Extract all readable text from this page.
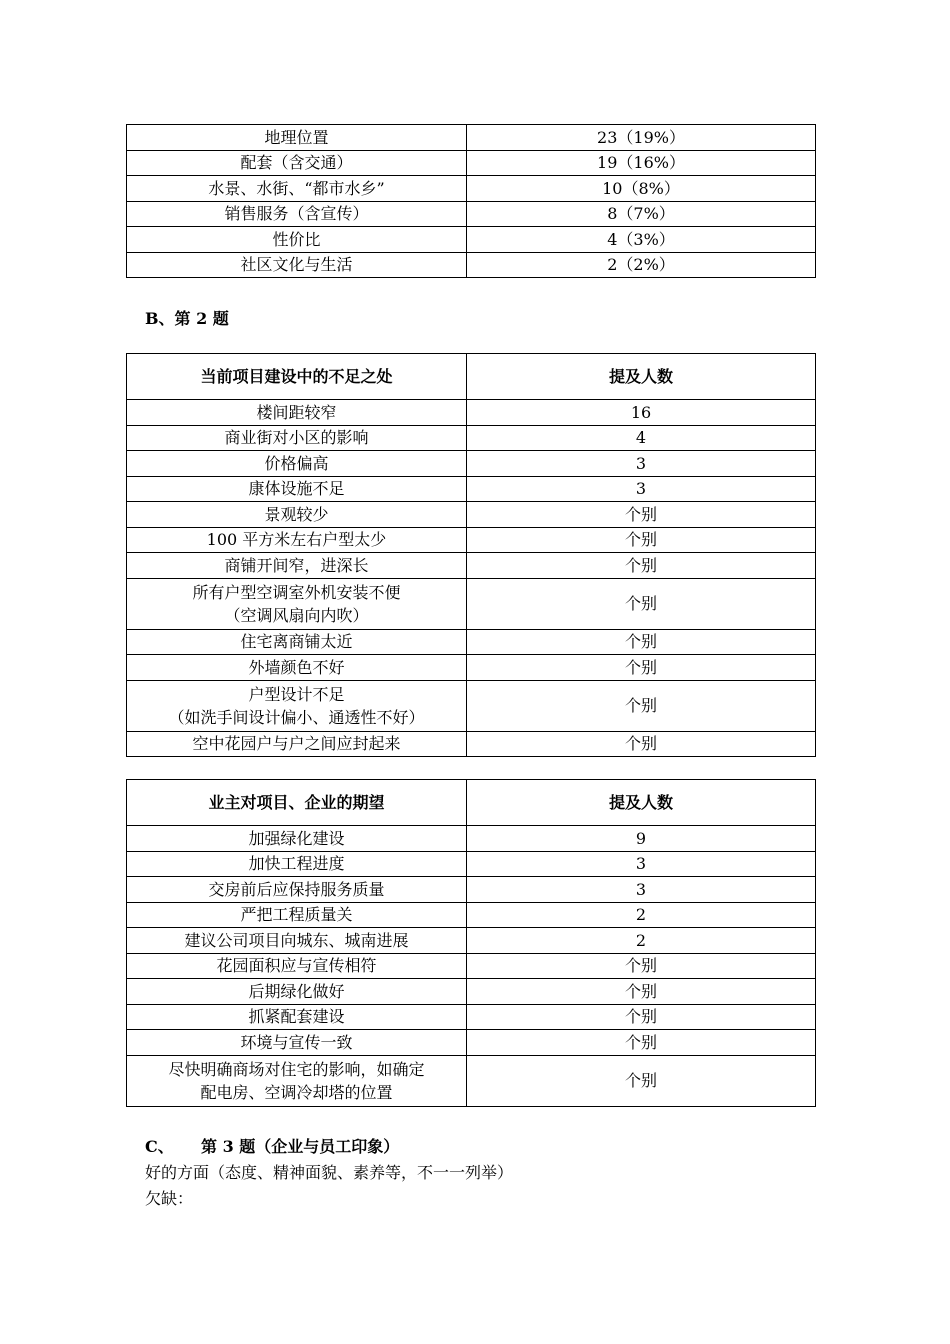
地理位置	23（19%）
配套（含交通）	19（16%）
水景、水街、“都市水乡”	10（8%）
销售服务（含宣传）	8（7%）
性价比	4（3%）
社区文化与生活	2（2%）
B、第 2 题
当前项目建设中的不足之处	提及人数
楼间距较窄	16
商业街对小区的影响	4
价格偏高	3
康体设施不足	3
景观较少	个别
100 平方米左右户型太少	个别
商铺开间窄，进深长	个别

所有户型空调室外机安装不便
（空调风扇向内吹）	个别
住宅离商铺太近	个别
外墙颜色不好	个别

户型设计不足
（如洗手间设计偏小、通透性不好）	个别
空中花园户与户之间应封起来	个别
业主对项目、企业的期望	提及人数
加强绿化建设	9
加快工程进度	3
交房前后应保持服务质量	3
严把工程质量关	2
建议公司项目向城东、城南进展	2
花园面积应与宣传相符	个别
后期绿化做好	个别
抓紧配套建设	个别
环境与宣传一致	个别

尽快明确商场对住宅的影响，如确定
配电房、空调冷却塔的位置	个别
C、 第 3 题（企业与员工印象）
好的方面（态度、精神面貌、素养等，不一一列举）
欠缺：
